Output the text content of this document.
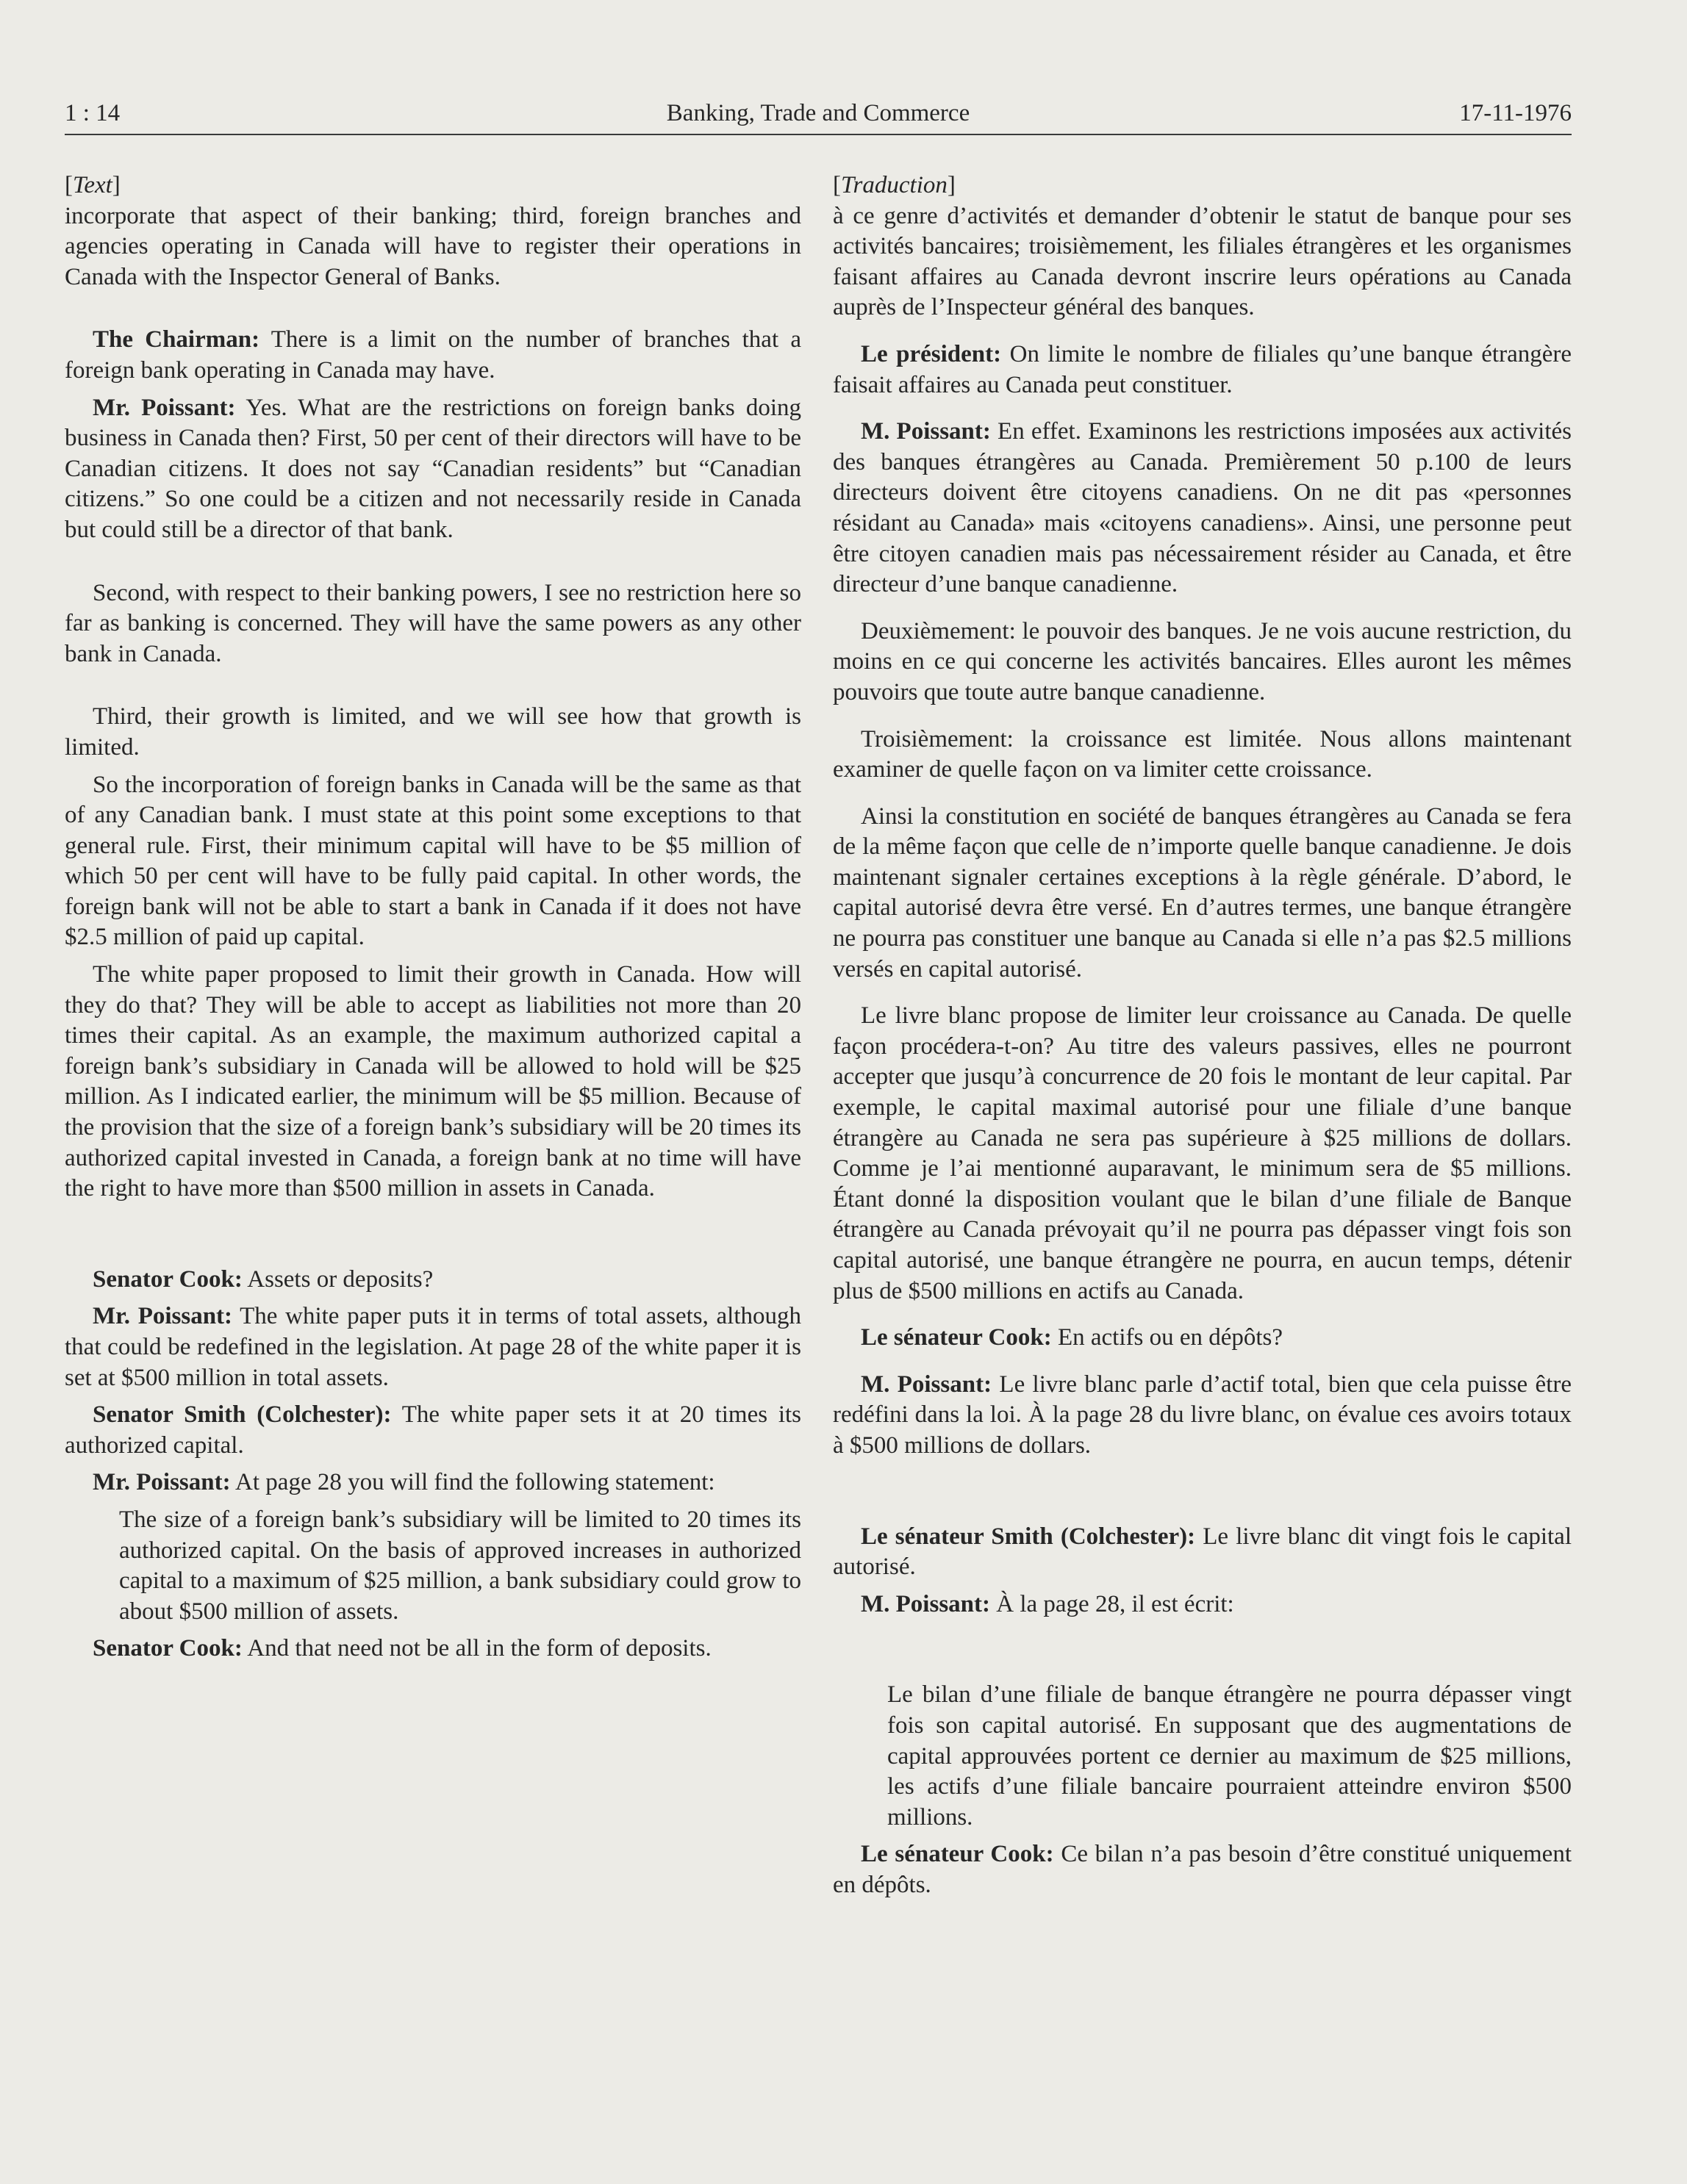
1 : 14	Banking, Trade and Commerce	17-11-1976
[Text]

incorporate that aspect of their banking; third, foreign branches and agencies operating in Canada will have to register their operations in Canada with the Inspector General of Banks.

The Chairman: There is a limit on the number of branches that a foreign bank operating in Canada may have.

Mr. Poissant: Yes. What are the restrictions on foreign banks doing business in Canada then? First, 50 per cent of their directors will have to be Canadian citizens. It does not say “Canadian residents” but “Canadian citizens.” So one could be a citizen and not necessarily reside in Canada but could still be a director of that bank.

Second, with respect to their banking powers, I see no restriction here so far as banking is concerned. They will have the same powers as any other bank in Canada.

Third, their growth is limited, and we will see how that growth is limited.

So the incorporation of foreign banks in Canada will be the same as that of any Canadian bank. I must state at this point some exceptions to that general rule. First, their minimum capital will have to be $5 million of which 50 per cent will have to be fully paid capital. In other words, the foreign bank will not be able to start a bank in Canada if it does not have $2.5 million of paid up capital.

The white paper proposed to limit their growth in Canada. How will they do that? They will be able to accept as liabilities not more than 20 times their capital. As an example, the maximum authorized capital a foreign bank’s subsidiary in Canada will be allowed to hold will be $25 million. As I indicated earlier, the minimum will be $5 million. Because of the provision that the size of a foreign bank’s subsidiary will be 20 times its authorized capital invested in Canada, a foreign bank at no time will have the right to have more than $500 million in assets in Canada.

Senator Cook: Assets or deposits?

Mr. Poissant: The white paper puts it in terms of total assets, although that could be redefined in the legislation. At page 28 of the white paper it is set at $500 million in total assets.

Senator Smith (Colchester): The white paper sets it at 20 times its authorized capital.

Mr. Poissant: At page 28 you will find the following statement:

The size of a foreign bank’s subsidiary will be limited to 20 times its authorized capital. On the basis of approved increases in authorized capital to a maximum of $25 million, a bank subsidiary could grow to about $500 million of assets.

Senator Cook: And that need not be all in the form of deposits.

[Traduction]

à ce genre d’activités et demander d’obtenir le statut de banque pour ses activités bancaires; troisièmement, les filiales étrangères et les organismes faisant affaires au Canada devront inscrire leurs opérations au Canada auprès de l’Inspecteur général des banques.

Le président: On limite le nombre de filiales qu’une banque étrangère faisait affaires au Canada peut constituer.

M. Poissant: En effet. Examinons les restrictions imposées aux activités des banques étrangères au Canada. Premièrement 50 p.100 de leurs directeurs doivent être citoyens canadiens. On ne dit pas «personnes résidant au Canada» mais «citoyens canadiens». Ainsi, une personne peut être citoyen canadien mais pas nécessairement résider au Canada, et être directeur d’une banque canadienne.

Deuxièmement: le pouvoir des banques. Je ne vois aucune restriction, du moins en ce qui concerne les activités bancaires. Elles auront les mêmes pouvoirs que toute autre banque canadienne.

Troisièmement: la croissance est limitée. Nous allons maintenant examiner de quelle façon on va limiter cette croissance.

Ainsi la constitution en société de banques étrangères au Canada se fera de la même façon que celle de n’importe quelle banque canadienne. Je dois maintenant signaler certaines exceptions à la règle générale. D’abord, le capital autorisé devra être versé. En d’autres termes, une banque étrangère ne pourra pas constituer une banque au Canada si elle n’a pas $2.5 millions versés en capital autorisé.

Le livre blanc propose de limiter leur croissance au Canada. De quelle façon procédera-t-on? Au titre des valeurs passives, elles ne pourront accepter que jusqu’à concurrence de 20 fois le montant de leur capital. Par exemple, le capital maximal autorisé pour une filiale d’une banque étrangère au Canada ne sera pas supérieure à $25 millions de dollars. Comme je l’ai mentionné auparavant, le minimum sera de $5 millions. Étant donné la disposition voulant que le bilan d’une filiale de Banque étrangère au Canada prévoyait qu’il ne pourra pas dépasser vingt fois son capital autorisé, une banque étrangère ne pourra, en aucun temps, détenir plus de $500 millions en actifs au Canada.

Le sénateur Cook: En actifs ou en dépôts?

M. Poissant: Le livre blanc parle d’actif total, bien que cela puisse être redéfini dans la loi. À la page 28 du livre blanc, on évalue ces avoirs totaux à $500 millions de dollars.

Le sénateur Smith (Colchester): Le livre blanc dit vingt fois le capital autorisé.

M. Poissant: À la page 28, il est écrit:

Le bilan d’une filiale de banque étrangère ne pourra dépasser vingt fois son capital autorisé. En supposant que des augmentations de capital approuvées portent ce dernier au maximum de $25 millions, les actifs d’une filiale bancaire pourraient atteindre environ $500 millions.

Le sénateur Cook: Ce bilan n’a pas besoin d’être constitué uniquement en dépôts.
